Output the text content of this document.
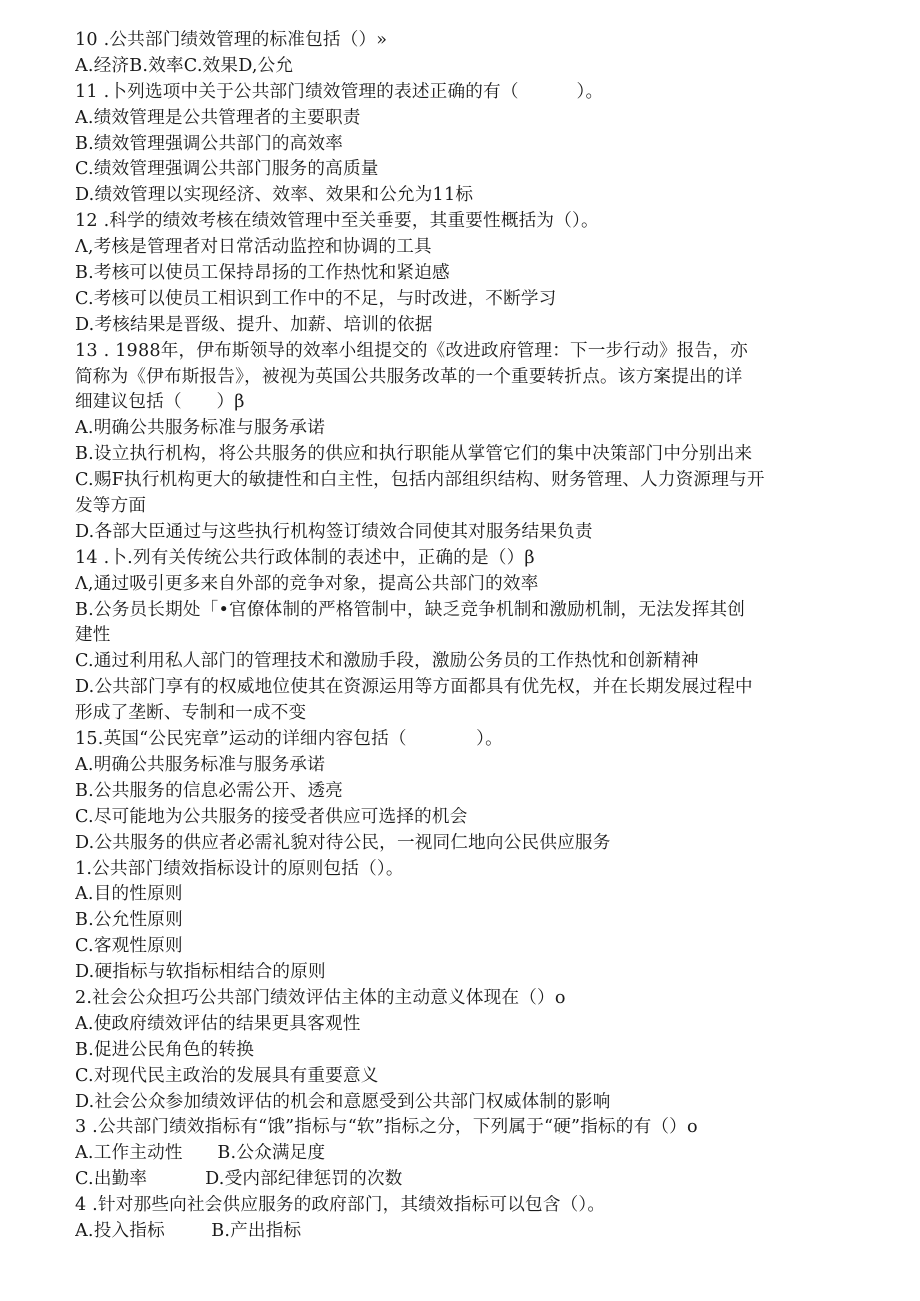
10 .公共部门绩效管理的标准包括（）»
A.经济B.效率C.效果D,公允
11 .卜列选项中关于公共部门绩效管理的表述正确的有（          ）。
A.绩效管理是公共管理者的主要职责
B.绩效管理强调公共部门的高效率
C.绩效管理强调公共部门服务的高质量
D.绩效管理以实现经济、效率、效果和公允为11标
12 .科学的绩效考核在绩效管理中至关垂要，其重要性概括为（）。
Λ,考核是管理者对日常活动监控和协调的工具
B.考核可以使员工保持昂扬的工作热忱和紧迫感
C.考核可以使员工相识到工作中的不足，与时改进，不断学习
D.考核结果是晋级、提升、加薪、培训的依据
13 . 1988年，伊布斯领导的效率小组提交的《改进政府管理：下一步行动》报告，亦
简称为《伊布斯报告》，被视为英国公共服务改革的一个重要转折点。该方案提出的详
细建议包括（      ）β
A.明确公共服务标准与服务承诺
B.设立执行机构，将公共服务的供应和执行职能从掌管它们的集中决策部门中分别出来
C.赐F执行机构更大的敏捷性和白主性，包括内部组织结构、财务管理、人力资源理与开
发等方面
D.各部大臣通过与这些执行机构签订绩效合同使其对服务结果负责
14 .卜.列有关传统公共行政体制的表述中，正确的是（）β
Λ,通过吸引更多来自外部的竞争对象，提高公共部门的效率
B.公务员长期处「•官僚体制的严格管制中，缺乏竞争机制和激励机制，无法发挥其创
建性
C.通过利用私人部门的管理技术和激励手段，激励公务员的工作热忱和创新精神
D.公共部门享有的权威地位使其在资源运用等方面都具有优先权，并在长期发展过程中
形成了垄断、专制和一成不变
15.英国“公民宪章”运动的详细内容包括（            ）。
A.明确公共服务标准与服务承诺
B.公共服务的信息必需公开、透亮
C.尽可能地为公共服务的接受者供应可选择的机会
D.公共服务的供应者必需礼貌对待公民，一视同仁地向公民供应服务
1.公共部门绩效指标设计的原则包括（）。
A.目的性原则
B.公允性原则
C.客观性原则
D.硬指标与软指标相结合的原则
2.社会公众担巧公共部门绩效评估主体的主动意义体现在（）o
A.使政府绩效评估的结果更具客观性
B.促进公民角色的转换
C.对现代民主政治的发展具有重要意义
D.社会公众参加绩效评估的机会和意愿受到公共部门权威体制的影响
3 .公共部门绩效指标有“饿”指标与“软”指标之分，下列属于“硬”指标的有（）o
A.工作主动性      B.公众满足度
C.出勤率          D.受内部纪律惩罚的次数
4 .针对那些向社会供应服务的政府部门，其绩效指标可以包含（）。
A.投入指标        B.产出指标
